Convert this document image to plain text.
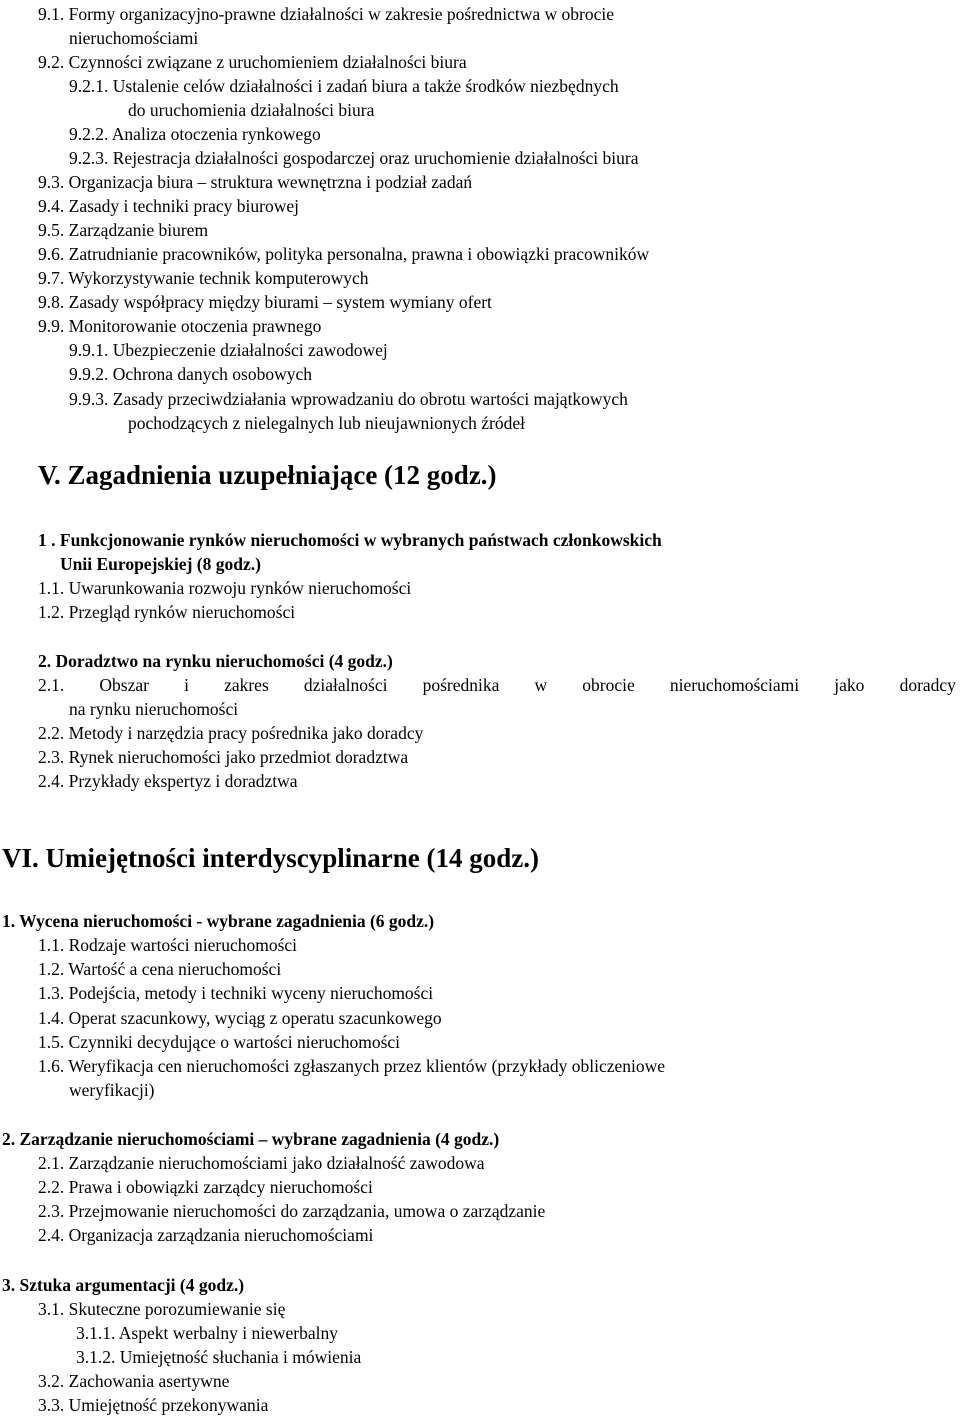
9.1. Formy organizacyjno-prawne działalności w zakresie pośrednictwa w obrocie
nieruchomościami
9.2. Czynności związane z uruchomieniem działalności biura
9.2.1. Ustalenie celów działalności i zadań biura a także środków niezbędnych
do uruchomienia działalności biura
9.2.2. Analiza otoczenia rynkowego
9.2.3. Rejestracja działalności gospodarczej oraz uruchomienie działalności biura
9.3. Organizacja biura – struktura wewnętrzna i podział zadań
9.4. Zasady i techniki pracy biurowej
9.5. Zarządzanie biurem
9.6. Zatrudnianie pracowników, polityka personalna, prawna i obowiązki pracowników
9.7. Wykorzystywanie technik komputerowych
9.8. Zasady współpracy między biurami – system wymiany ofert
9.9. Monitorowanie otoczenia prawnego
9.9.1. Ubezpieczenie działalności zawodowej
9.9.2. Ochrona danych osobowych
9.9.3. Zasady przeciwdziałania wprowadzaniu do obrotu wartości majątkowych
pochodzących z nielegalnych lub nieujawnionych źródeł
V. Zagadnienia uzupełniające (12 godz.)
1 . Funkcjonowanie rynków nieruchomości w wybranych państwach członkowskich
Unii Europejskiej (8 godz.)
1.1. Uwarunkowania rozwoju rynków nieruchomości
1.2. Przegląd rynków nieruchomości
2. Doradztwo na rynku nieruchomości (4 godz.)
2.1. Obszar i zakres działalności pośrednika w obrocie nieruchomościami jako doradcy
na rynku nieruchomości
2.2. Metody i narzędzia pracy pośrednika jako doradcy
2.3. Rynek nieruchomości jako przedmiot doradztwa
2.4. Przykłady ekspertyz i doradztwa
VI. Umiejętności interdyscyplinarne (14 godz.)
1. Wycena nieruchomości - wybrane zagadnienia (6 godz.)
1.1. Rodzaje wartości nieruchomości
1.2. Wartość a cena nieruchomości
1.3. Podejścia, metody i techniki wyceny nieruchomości
1.4. Operat szacunkowy, wyciąg z operatu szacunkowego
1.5. Czynniki decydujące o wartości nieruchomości
1.6. Weryfikacja cen nieruchomości zgłaszanych przez klientów (przykłady obliczeniowe
weryfikacji)
2. Zarządzanie nieruchomościami – wybrane zagadnienia (4 godz.)
2.1. Zarządzanie nieruchomościami jako działalność zawodowa
2.2. Prawa i obowiązki zarządcy nieruchomości
2.3. Przejmowanie nieruchomości do zarządzania, umowa o zarządzanie
2.4. Organizacja zarządzania nieruchomościami
3. Sztuka argumentacji (4 godz.)
3.1. Skuteczne porozumiewanie się
3.1.1. Aspekt werbalny i niewerbalny
3.1.2. Umiejętność słuchania i mówienia
3.2. Zachowania asertywne
3.3. Umiejętność przekonywania
